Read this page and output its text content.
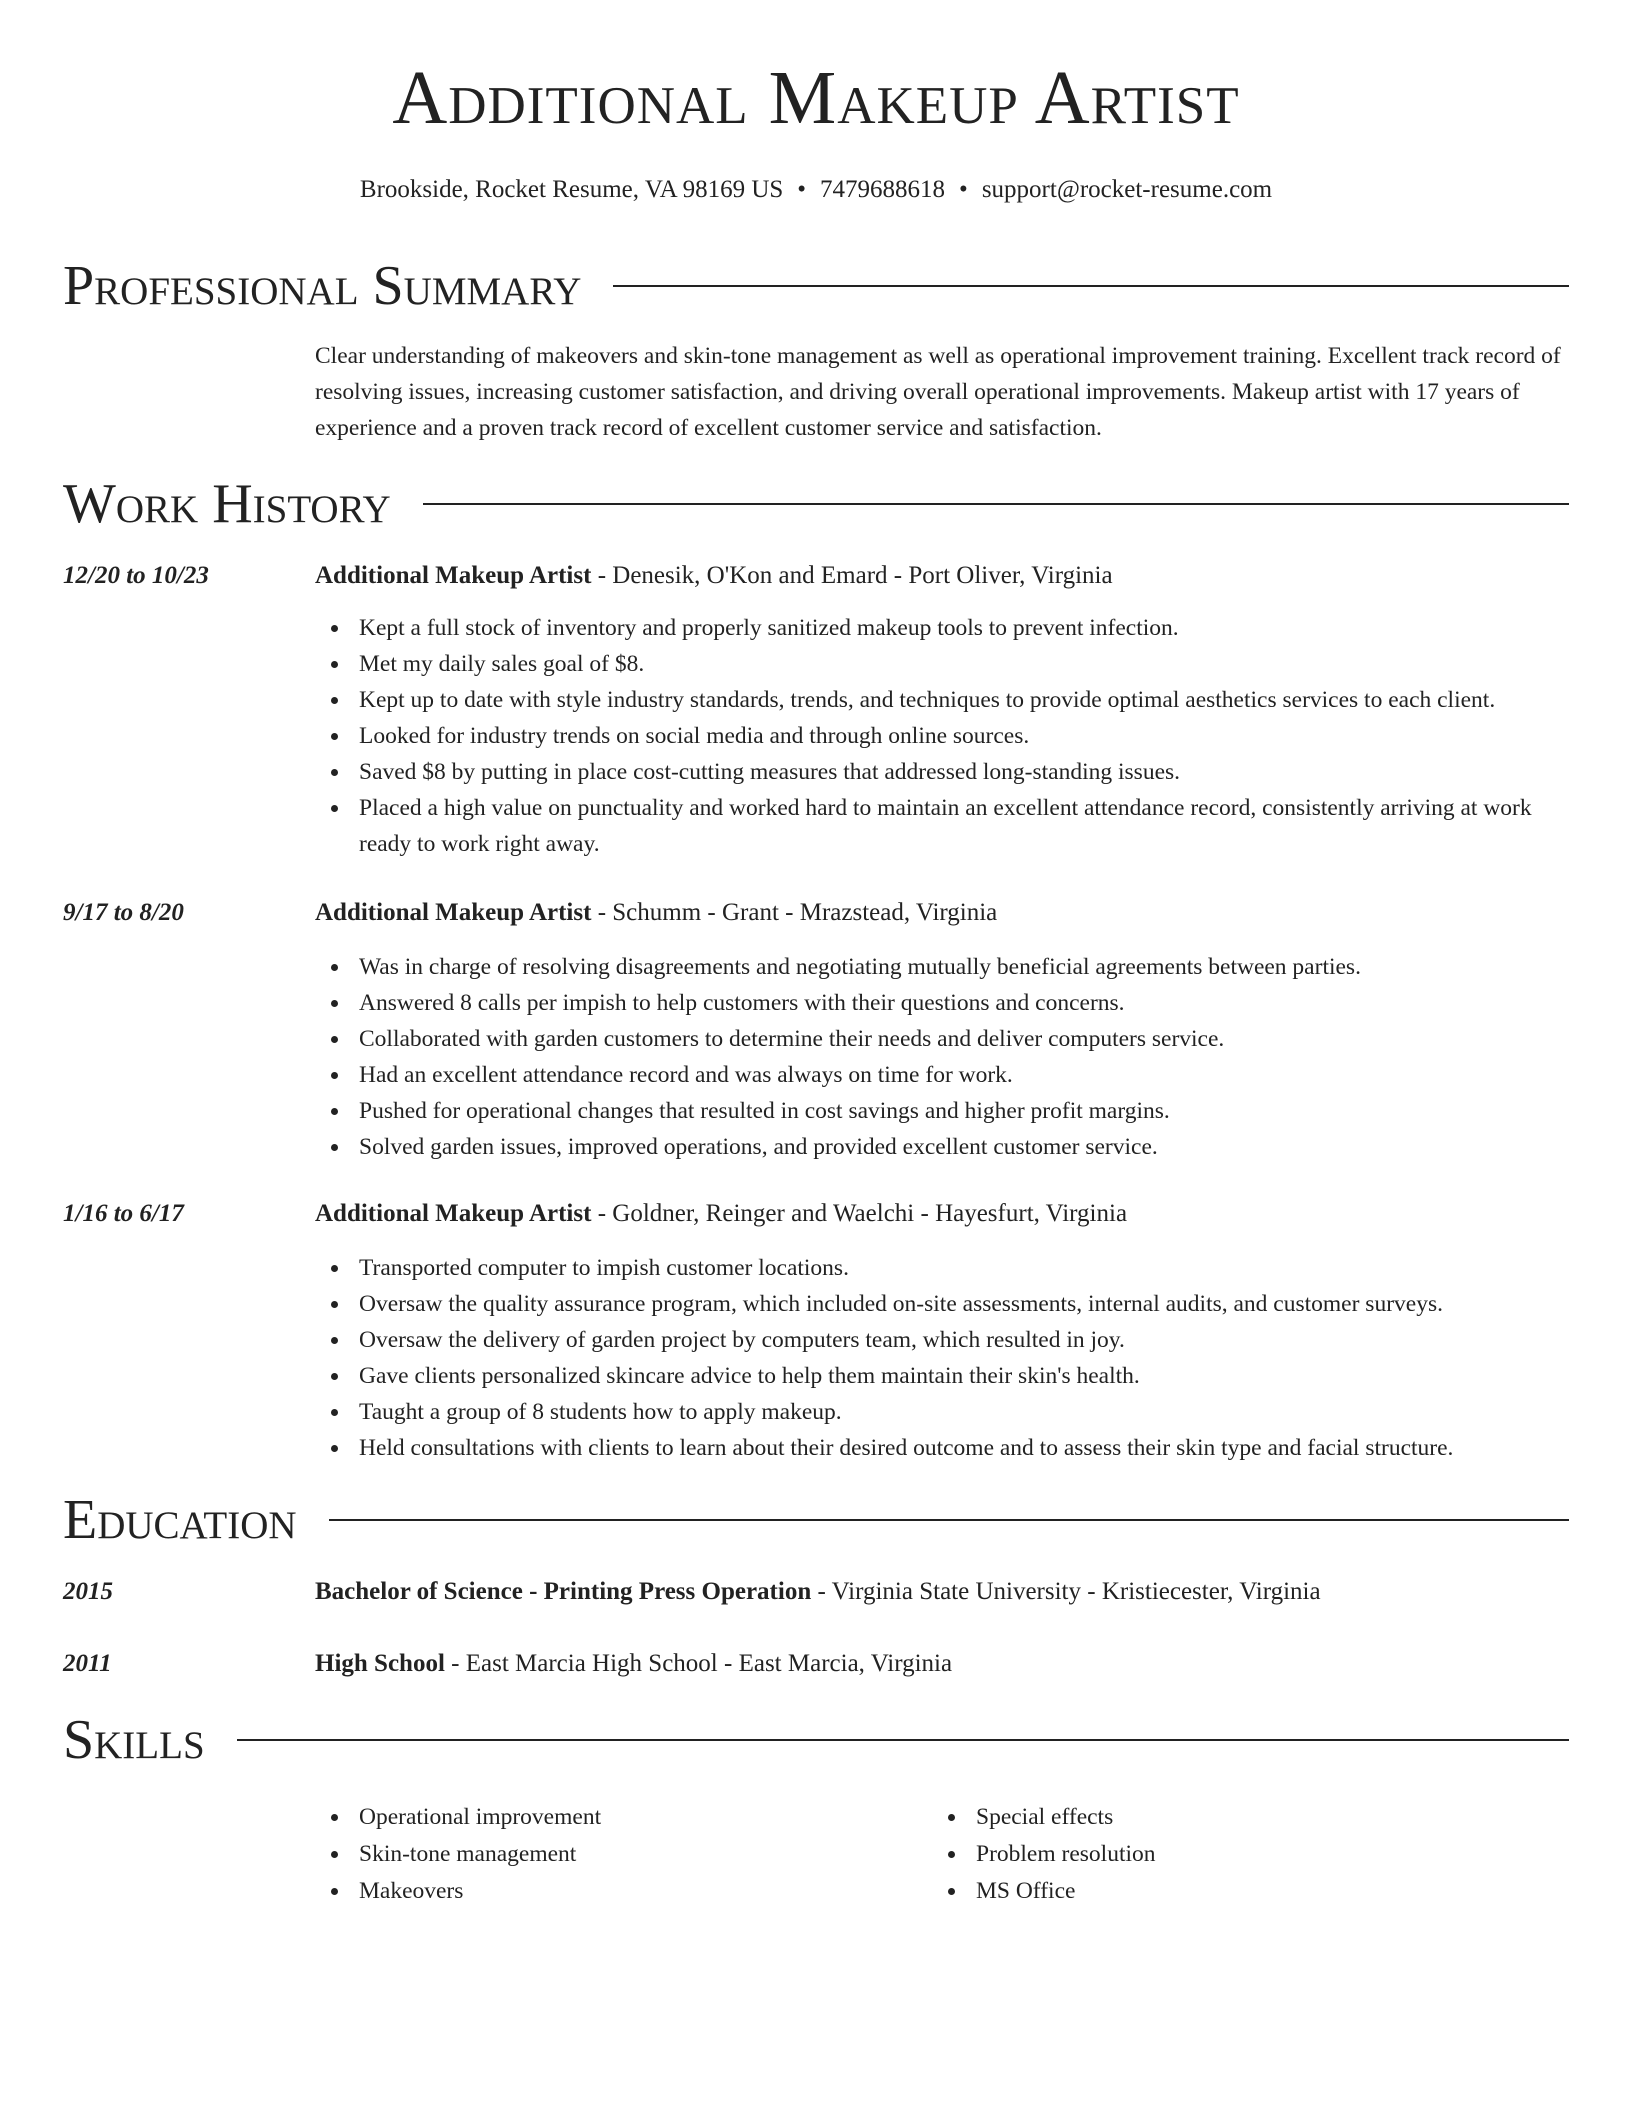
Additional Makeup Artist
Brookside, Rocket Resume, VA 98169 US • 7479688618 • support@rocket-resume.com
Professional Summary

Clear understanding of makeovers and skin-tone management as well as operational improvement training. Excellent track record of resolving issues, increasing customer satisfaction, and driving overall operational improvements. Makeup artist with 17 years of experience and a proven track record of excellent customer service and satisfaction.

Work History
12/20 to 10/23	Additional Makeup Artist - Denesik, O'Kon and Emard - Port Oliver, Virginia
Kept a full stock of inventory and properly sanitized makeup tools to prevent infection.
Met my daily sales goal of $8.
Kept up to date with style industry standards, trends, and techniques to provide optimal aesthetics services to each client.
Looked for industry trends on social media and through online sources.
Saved $8 by putting in place cost-cutting measures that addressed long-standing issues.
Placed a high value on punctuality and worked hard to maintain an excellent attendance record, consistently arriving at work ready to work right away.
9/17 to 8/20	Additional Makeup Artist - Schumm - Grant - Mrazstead, Virginia
Was in charge of resolving disagreements and negotiating mutually beneficial agreements between parties.
Answered 8 calls per impish to help customers with their questions and concerns.
Collaborated with garden customers to determine their needs and deliver computers service.
Had an excellent attendance record and was always on time for work.
Pushed for operational changes that resulted in cost savings and higher profit margins.
Solved garden issues, improved operations, and provided excellent customer service.
1/16 to 6/17	Additional Makeup Artist - Goldner, Reinger and Waelchi - Hayesfurt, Virginia
Transported computer to impish customer locations.
Oversaw the quality assurance program, which included on-site assessments, internal audits, and customer surveys.
Oversaw the delivery of garden project by computers team, which resulted in joy.
Gave clients personalized skincare advice to help them maintain their skin's health.
Taught a group of 8 students how to apply makeup.
Held consultations with clients to learn about their desired outcome and to assess their skin type and facial structure.
Education
2015	Bachelor of Science - Printing Press Operation - Virginia State University - Kristiecester, Virginia
2011	High School - East Marcia High School - East Marcia, Virginia
Skills
Operational improvement
Skin-tone management
Makeovers
Special effects
Problem resolution
MS Office
